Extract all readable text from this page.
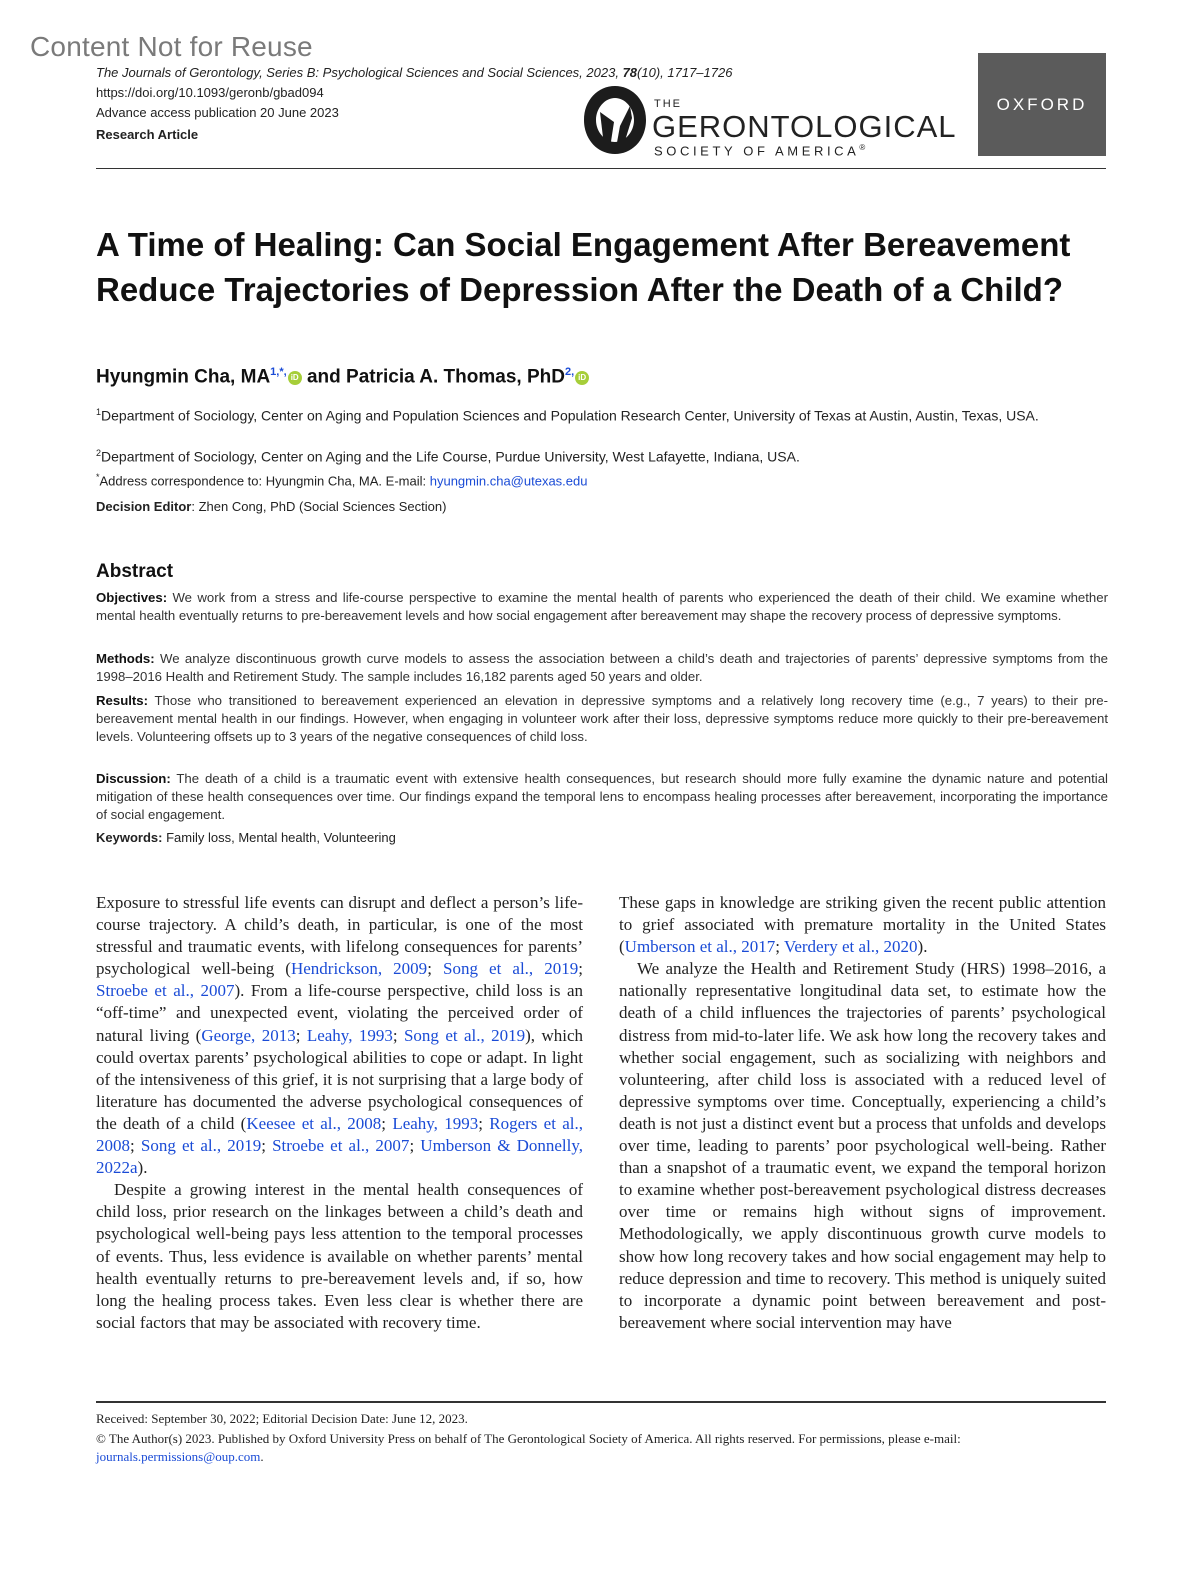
Content Not for Reuse
The Journals of Gerontology, Series B: Psychological Sciences and Social Sciences, 2023, 78(10), 1717–1726
https://doi.org/10.1093/geronb/gbad094
Advance access publication 20 June 2023
Research Article
THE
GERONTOLOGICAL
SOCIETY OF AMERICA®
OXFORD
A Time of Healing: Can Social Engagement After Bereavement Reduce Trajectories of Depression After the Death of a Child?
Hyungmin Cha, $MA^{1,*,}$ iD and Patricia A. Thomas, PhD$^{2,}$ iD
$^1$Department of Sociology, Center on Aging and Population Sciences and Population Research Center, University of Texas at Austin, Austin, Texas, USA.
$^2$Department of Sociology, Center on Aging and the Life Course, Purdue University, West Lafayette, Indiana, USA.
*Address correspondence to: Hyungmin Cha, MA. E-mail: hyungmin.cha@utexas.edu
Decision Editor: Zhen Cong, PhD (Social Sciences Section)
Abstract

Objectives: We work from a stress and life-course perspective to examine the mental health of parents who experienced the death of their child. We examine whether mental health eventually returns to pre-bereavement levels and how social engagement after bereavement may shape the recovery process of depressive symptoms.

Methods: We analyze discontinuous growth curve models to assess the association between a child’s death and trajectories of parents’ depressive symptoms from the 1998–2016 Health and Retirement Study. The sample includes 16,182 parents aged 50 years and older.

Results: Those who transitioned to bereavement experienced an elevation in depressive symptoms and a relatively long recovery time (e.g., 7 years) to their pre-bereavement mental health in our findings. However, when engaging in volunteer work after their loss, depressive symptoms reduce more quickly to their pre-bereavement levels. Volunteering offsets up to 3 years of the negative consequences of child loss.

Discussion: The death of a child is a traumatic event with extensive health consequences, but research should more fully examine the dynamic nature and potential mitigation of these health consequences over time. Our findings expand the temporal lens to encompass healing processes after bereavement, incorporating the importance of social engagement.

Keywords: Family loss, Mental health, Volunteering

Exposure to stressful life events can disrupt and deflect a person’s life-course trajectory. A child’s death, in particular, is one of the most stressful and traumatic events, with lifelong consequences for parents’ psychological well-being (Hendrickson, 2009; Song et al., 2019; Stroebe et al., 2007). From a life-course perspective, child loss is an “off-time” and unexpected event, violating the perceived order of natural living (George, 2013; Leahy, 1993; Song et al., 2019), which could overtax parents’ psychological abilities to cope or adapt. In light of the intensiveness of this grief, it is not surprising that a large body of literature has documented the adverse psychological consequences of the death of a child (Keesee et al., 2008; Leahy, 1993; Rogers et al., 2008; Song et al., 2019; Stroebe et al., 2007; Umberson & Donnelly, 2022a).

Despite a growing interest in the mental health consequences of child loss, prior research on the linkages between a child’s death and psychological well-being pays less attention to the temporal processes of events. Thus, less evidence is available on whether parents’ mental health eventually returns to pre-bereavement levels and, if so, how long the healing process takes. Even less clear is whether there are social factors that may be associated with recovery time.

These gaps in knowledge are striking given the recent public attention to grief associated with premature mortality in the United States (Umberson et al., 2017; Verdery et al., 2020).

We analyze the Health and Retirement Study (HRS) 1998–2016, a nationally representative longitudinal data set, to estimate how the death of a child influences the trajectories of parents’ psychological distress from mid-to-later life. We ask how long the recovery takes and whether social engagement, such as socializing with neighbors and volunteering, after child loss is associated with a reduced level of depressive symptoms over time. Conceptually, experiencing a child’s death is not just a distinct event but a process that unfolds and develops over time, leading to parents’ poor psychological well-being. Rather than a snapshot of a traumatic event, we expand the temporal horizon to examine whether post-bereavement psychological distress decreases over time or remains high without signs of improvement. Methodologically, we apply discontinuous growth curve models to show how long recovery takes and how social engagement may help to reduce depression and time to recovery. This method is uniquely suited to incorporate a dynamic point between bereavement and post-bereavement where social intervention may have

Received: September 30, 2022; Editorial Decision Date: June 12, 2023.
© The Author(s) 2023. Published by Oxford University Press on behalf of The Gerontological Society of America. All rights reserved. For permissions, please e-mail: journals.permissions@oup.com.
